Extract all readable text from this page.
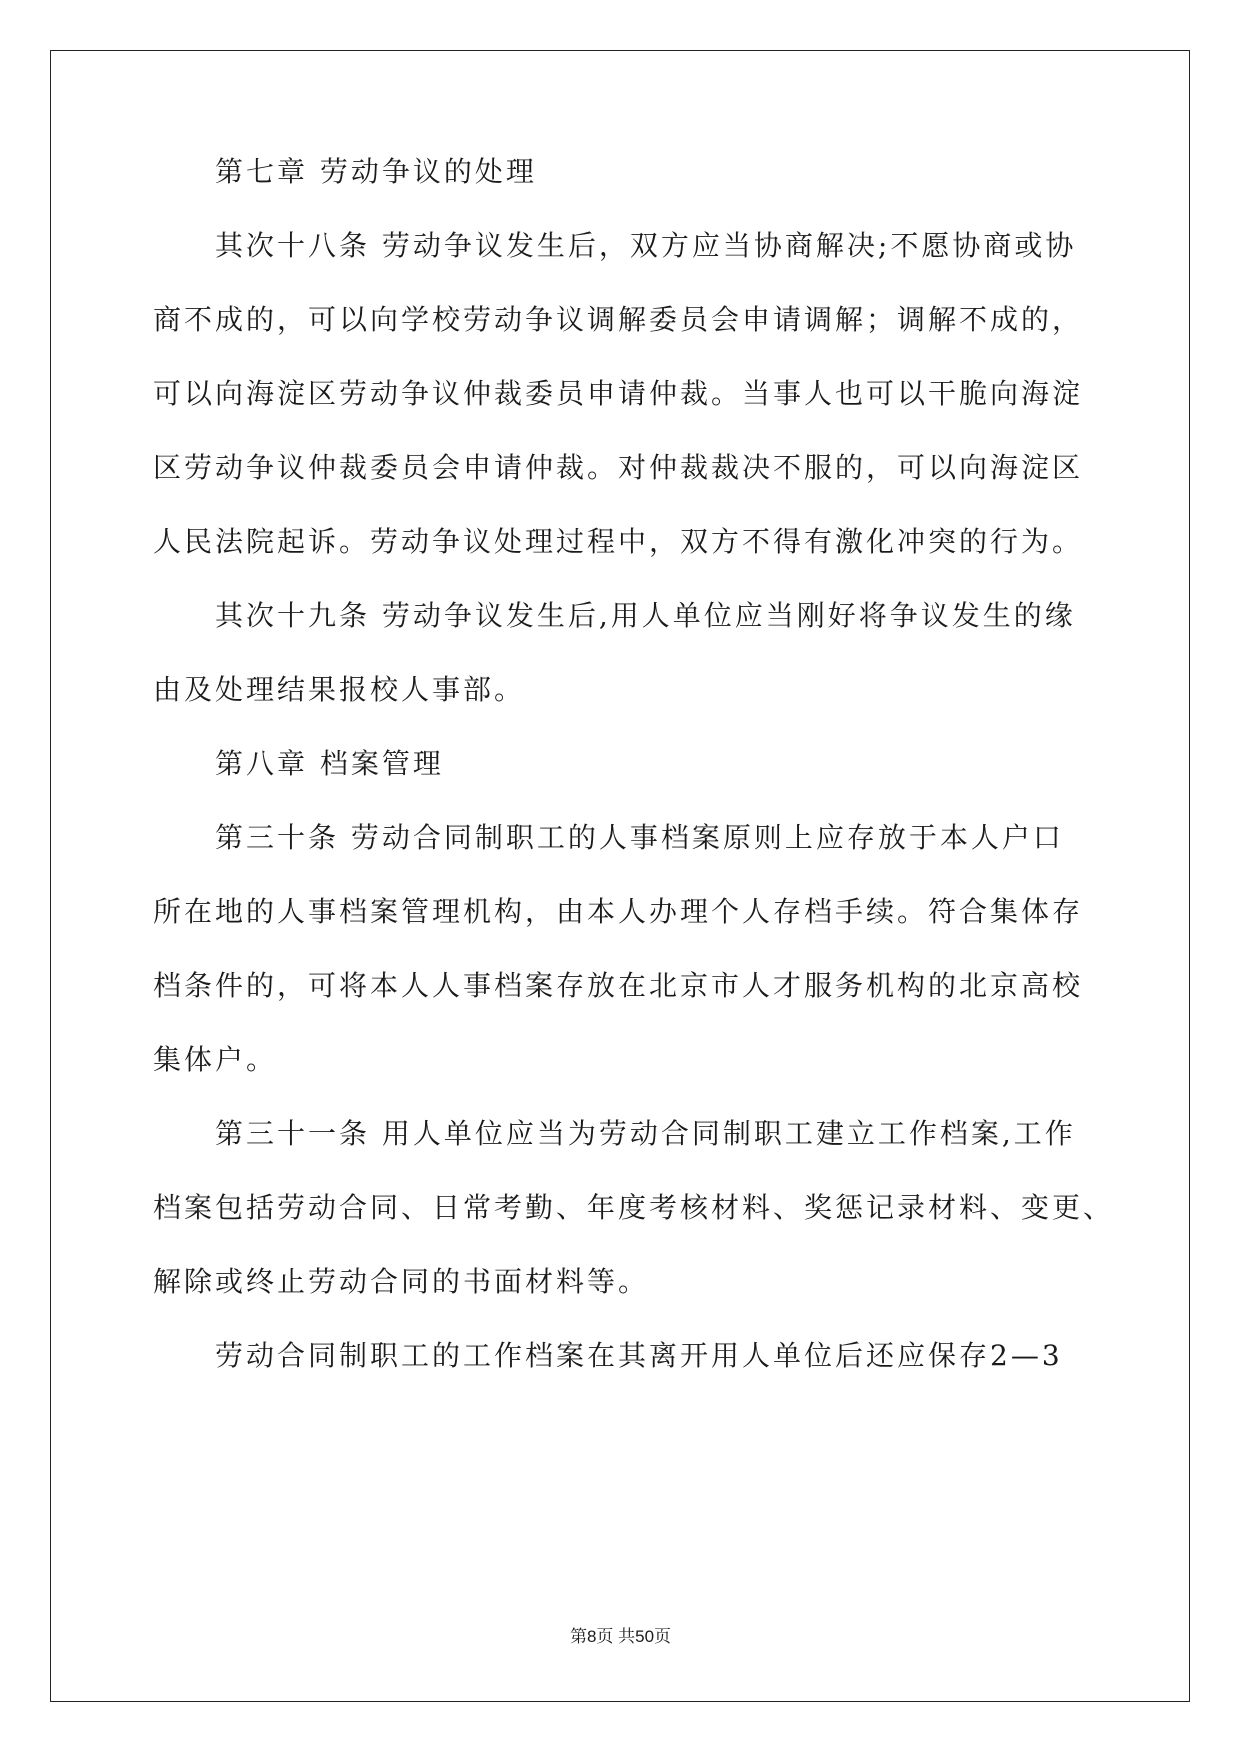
第七章 劳动争议的处理
其次十八条 劳动争议发生后，双方应当协商解决;不愿协商或协
商不成的，可以向学校劳动争议调解委员会申请调解；调解不成的，
可以向海淀区劳动争议仲裁委员申请仲裁。当事人也可以干脆向海淀
区劳动争议仲裁委员会申请仲裁。对仲裁裁决不服的，可以向海淀区
人民法院起诉。劳动争议处理过程中，双方不得有激化冲突的行为。
其次十九条 劳动争议发生后,用人单位应当刚好将争议发生的缘
由及处理结果报校人事部。
第八章 档案管理
第三十条 劳动合同制职工的人事档案原则上应存放于本人户口
所在地的人事档案管理机构，由本人办理个人存档手续。符合集体存
档条件的，可将本人人事档案存放在北京市人才服务机构的北京高校
集体户。
第三十一条 用人单位应当为劳动合同制职工建立工作档案,工作
档案包括劳动合同、日常考勤、年度考核材料、奖惩记录材料、变更、
解除或终止劳动合同的书面材料等。
劳动合同制职工的工作档案在其离开用人单位后还应保存2—3
第8页 共50页
